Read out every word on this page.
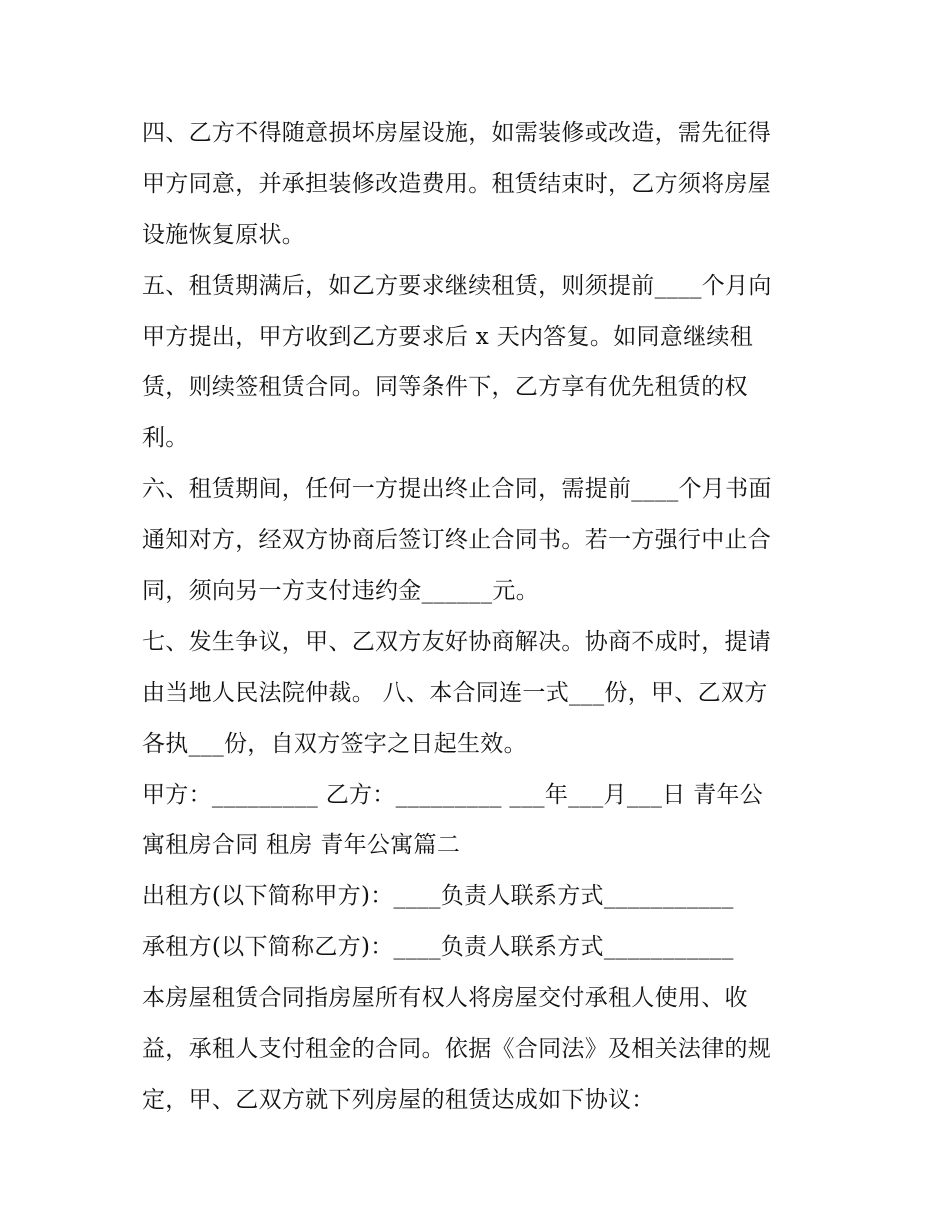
四、乙方不得随意损坏房屋设施，如需装修或改造，需先征得
甲方同意，并承担装修改造费用。租赁结束时，乙方须将房屋
设施恢复原状。
五、租赁期满后，如乙方要求继续租赁，则须提前____个月向
甲方提出，甲方收到乙方要求后 x 天内答复。如同意继续租
赁，则续签租赁合同。同等条件下，乙方享有优先租赁的权
利。
六、租赁期间，任何一方提出终止合同，需提前____个月书面
通知对方，经双方协商后签订终止合同书。若一方强行中止合
同，须向另一方支付违约金______元。
七、发生争议，甲、乙双方友好协商解决。协商不成时，提请
由当地人民法院仲裁。 八、本合同连一式___份，甲、乙双方
各执___份，自双方签字之日起生效。
甲方：_________ 乙方：_________ ___年___月___日 青年公
寓租房合同 租房 青年公寓篇二
出租方(以下简称甲方)：____负责人联系方式___________
承租方(以下简称乙方)：____负责人联系方式___________
本房屋租赁合同指房屋所有权人将房屋交付承租人使用、收
益，承租人支付租金的合同。依据《合同法》及相关法律的规
定，甲、乙双方就下列房屋的租赁达成如下协议：
